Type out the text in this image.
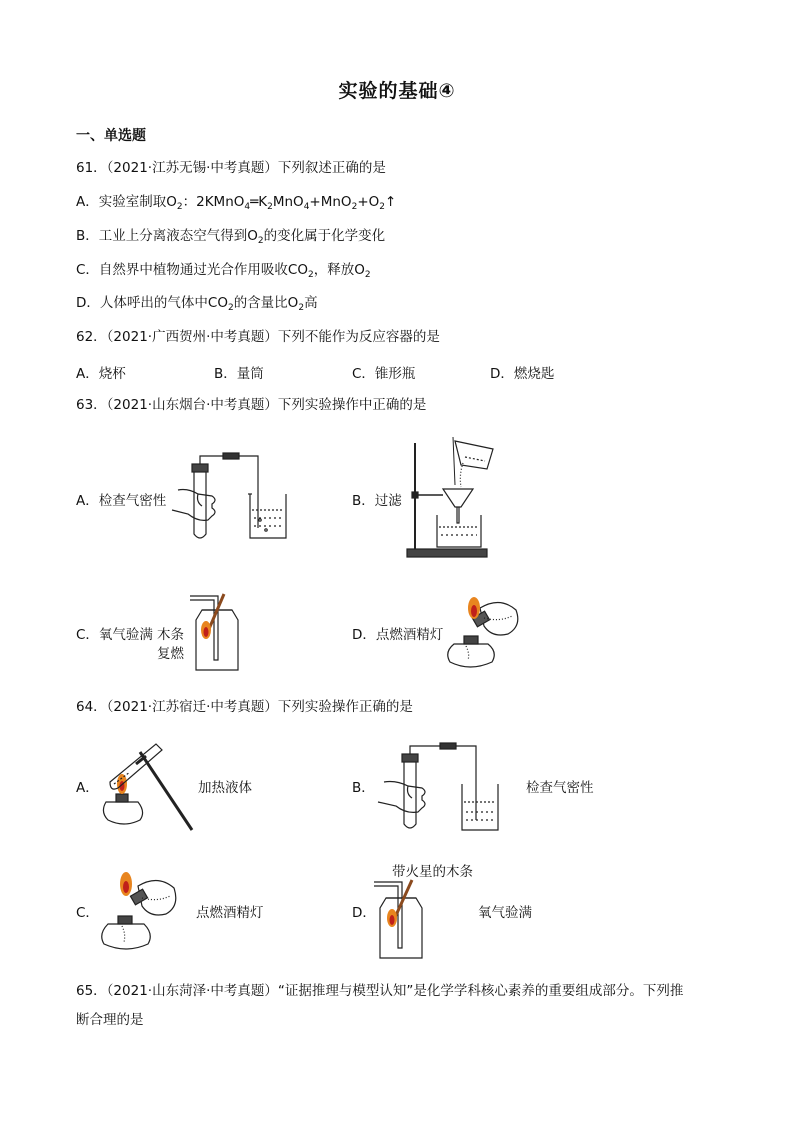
实验的基础④
一、单选题
61．（2021·江苏无锡·中考真题）下列叙述正确的是
A．实验室制取$O_2$：$2KMnO_4═K_2MnO_4+MnO_2+O_2↑$
B．工业上分离液态空气得到$O_2$的变化属于化学变化
C．自然界中植物通过光合作用吸收$CO_2$，释放$O_2$
D．人体呼出的气体中$CO_2$的含量比$O_2$高
62．（2021·广西贺州·中考真题）下列不能作为反应容器的是
A．烧杯	B．量筒	C．锥形瓶	D．燃烧匙
63．（2021·山东烟台·中考真题）下列实验操作中正确的是
A．检查气密性	B．过滤
C．氧气验满 木条
复燃
D．点燃酒精灯
64．（2021·江苏宿迁·中考真题）下列实验操作正确的是
A．	加热液体	B．	检查气密性
C．	点燃酒精灯	D．
带火星的木条
氧气验满
65．（2021·山东菏泽·中考真题）“证据推理与模型认知”是化学学科核心素养的重要组成部分。下列推
断合理的是
